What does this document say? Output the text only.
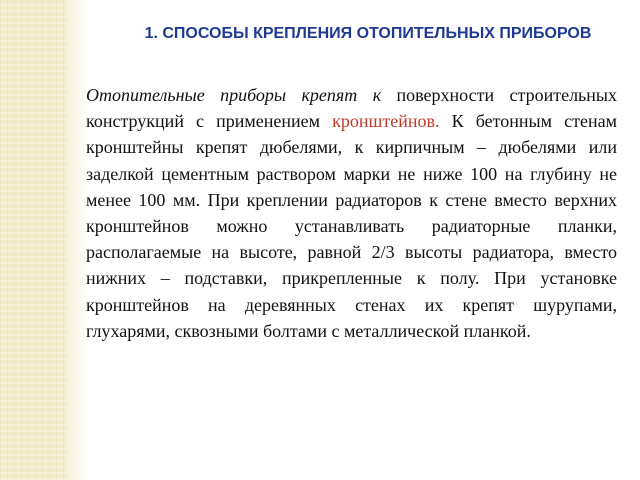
1. СПОСОБЫ КРЕПЛЕНИЯ ОТОПИТЕЛЬНЫХ ПРИБОРОВ

Отопительные приборы крепят к поверхности строительных конструкций с применением кронштейнов. К бетонным стенам кронштейны крепят дюбелями, к кирпичным – дюбелями или заделкой цементным раствором марки не ниже 100 на глубину не менее 100 мм. При креплении радиаторов к стене вместо верхних кронштейнов можно устанавливать радиаторные планки, располагаемые на высоте, равной 2/3 высоты радиатора, вместо нижних – подставки, прикрепленные к полу. При установке кронштейнов на деревянных стенах их крепят шурупами, глухарями, сквозными болтами с металлической планкой.
